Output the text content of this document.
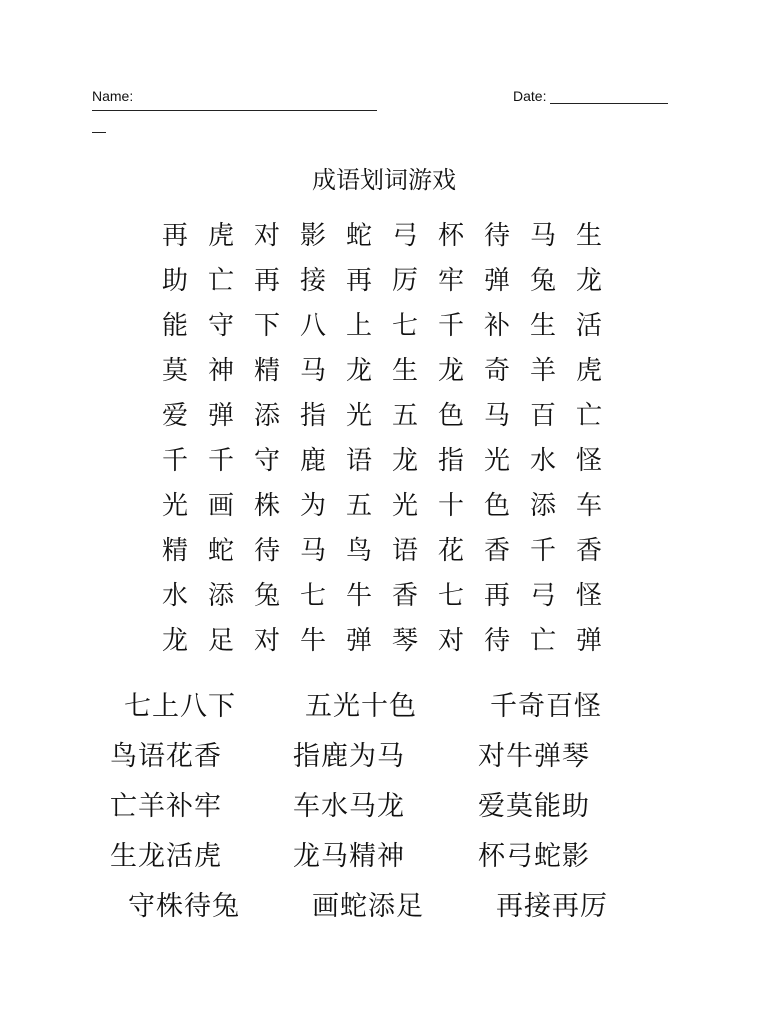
Name:	Date:
成语划词游戏
再 虎 对 影 蛇 弓 杯 待 马 生
助 亡 再 接 再 厉 牢 弹 兔 龙
能 守 下 八 上 七 千 补 生 活
莫 神 精 马 龙 生 龙 奇 羊 虎
爱 弹 添 指 光 五 色 马 百 亡
千 千 守 鹿 语 龙 指 光 水 怪
光 画 株 为 五 光 十 色 添 车
精 蛇 待 马 鸟 语 花 香 千 香
水 添 兔 七 牛 香 七 再 弓 怪
龙 足 对 牛 弹 琴 对 待 亡 弹
七上八下	五光十色	千奇百怪
鸟语花香	指鹿为马	对牛弹琴
亡羊补牢	车水马龙	爱莫能助
生龙活虎	龙马精神	杯弓蛇影
守株待兔	画蛇添足	再接再厉
